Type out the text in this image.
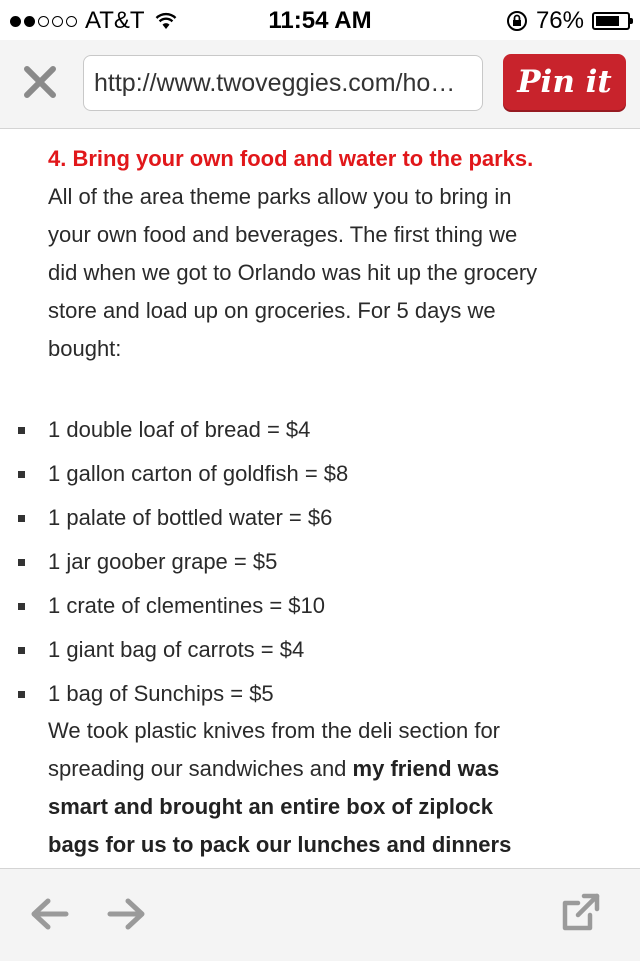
AT&T	11:54 AM	76%
http://www.twoveggies.com/ho…	Pin it
4. Bring your own food and water to the parks.
All of the area theme parks allow you to bring in
your own food and beverages. The first thing we
did when we got to Orlando was hit up the grocery
store and load up on groceries. For 5 days we
bought:
1 double loaf of bread = $4
1 gallon carton of goldfish = $8
1 palate of bottled water = $6
1 jar goober grape = $5
1 crate of clementines = $10
1 giant bag of carrots = $4
1 bag of Sunchips = $5
We took plastic knives from the deli section for
spreading our sandwiches and my friend was
smart and brought an entire box of ziplock
bags for us to pack our lunches and dinners
